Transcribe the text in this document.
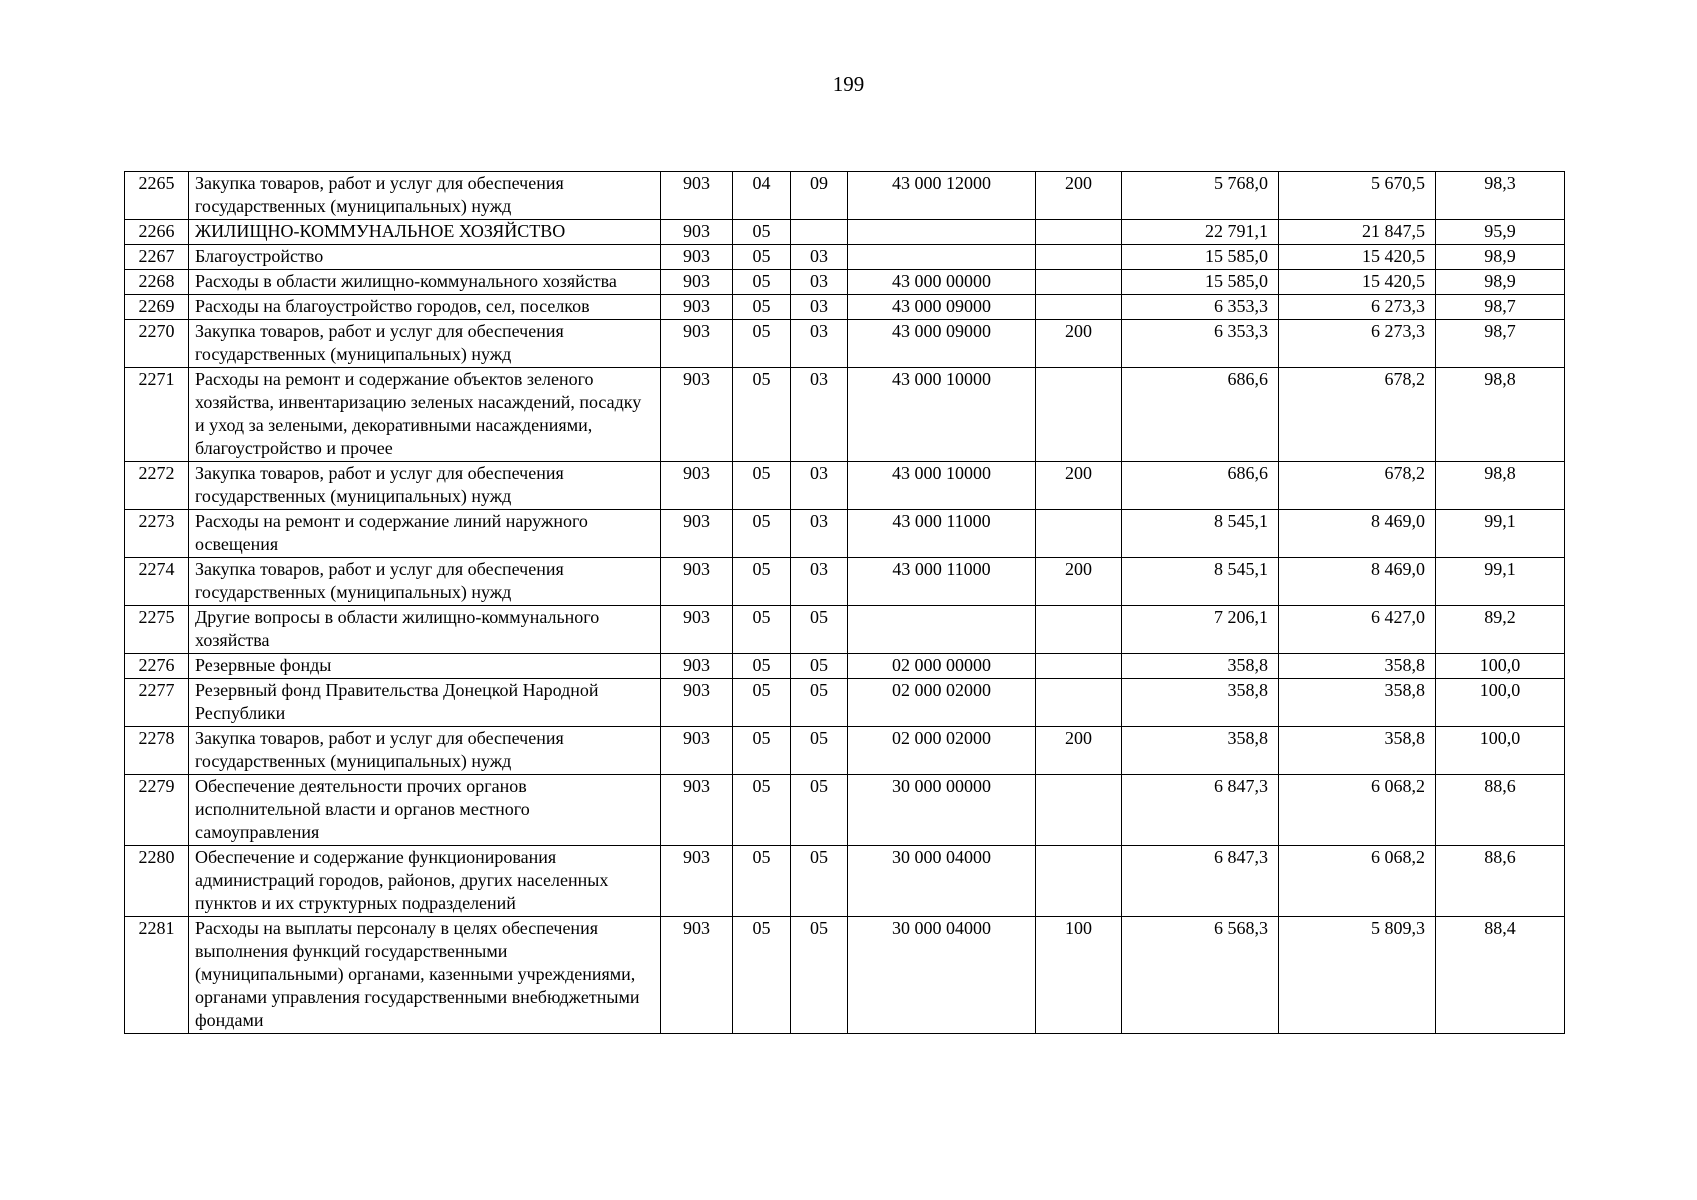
199
2265	Закупка товаров, работ и услуг для обеспечения государственных (муниципальных) нужд	903	04	09	43 000 12000	200	5 768,0	5 670,5	98,3
2266	ЖИЛИЩНО-КОММУНАЛЬНОЕ ХОЗЯЙСТВО	903	05				22 791,1	21 847,5	95,9
2267	Благоустройство	903	05	03			15 585,0	15 420,5	98,9
2268	Расходы в области жилищно-коммунального хозяйства	903	05	03	43 000 00000		15 585,0	15 420,5	98,9
2269	Расходы на благоустройство городов, сел, поселков	903	05	03	43 000 09000		6 353,3	6 273,3	98,7
2270	Закупка товаров, работ и услуг для обеспечения государственных (муниципальных) нужд	903	05	03	43 000 09000	200	6 353,3	6 273,3	98,7
2271	Расходы на ремонт и содержание объектов зеленого хозяйства, инвентаризацию зеленых насаждений, посадку и уход за зелеными, декоративными насаждениями, благоустройство и прочее	903	05	03	43 000 10000		686,6	678,2	98,8
2272	Закупка товаров, работ и услуг для обеспечения государственных (муниципальных) нужд	903	05	03	43 000 10000	200	686,6	678,2	98,8
2273	Расходы на ремонт и содержание линий наружного освещения	903	05	03	43 000 11000		8 545,1	8 469,0	99,1
2274	Закупка товаров, работ и услуг для обеспечения государственных (муниципальных) нужд	903	05	03	43 000 11000	200	8 545,1	8 469,0	99,1
2275	Другие вопросы в области жилищно-коммунального хозяйства	903	05	05			7 206,1	6 427,0	89,2
2276	Резервные фонды	903	05	05	02 000 00000		358,8	358,8	100,0
2277	Резервный фонд Правительства Донецкой Народной Республики	903	05	05	02 000 02000		358,8	358,8	100,0
2278	Закупка товаров, работ и услуг для обеспечения государственных (муниципальных) нужд	903	05	05	02 000 02000	200	358,8	358,8	100,0
2279	Обеспечение деятельности прочих органов исполнительной власти и органов местного самоуправления	903	05	05	30 000 00000		6 847,3	6 068,2	88,6
2280	Обеспечение и содержание функционирования администраций городов, районов, других населенных пунктов и их структурных подразделений	903	05	05	30 000 04000		6 847,3	6 068,2	88,6
2281	Расходы на выплаты персоналу в целях обеспечения выполнения функций государственными (муниципальными) органами, казенными учреждениями, органами управления государственными внебюджетными фондами	903	05	05	30 000 04000	100	6 568,3	5 809,3	88,4
